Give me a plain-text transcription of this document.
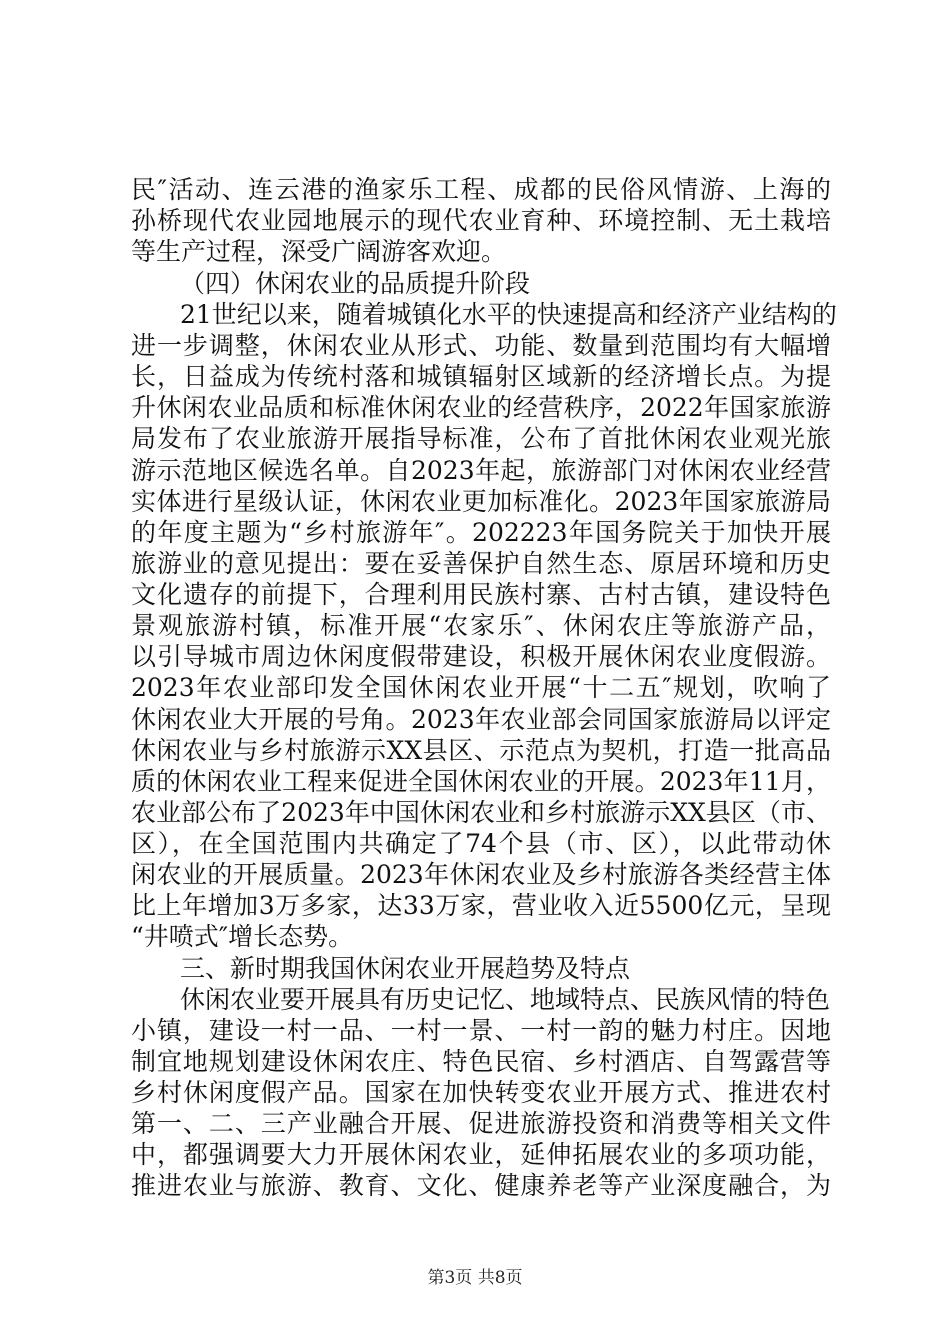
民″活动、连云港的渔家乐工程、成都的民俗风情游、上海的
孙桥现代农业园地展示的现代农业育种、环境控制、无土栽培
等生产过程，深受广阔游客欢迎。
（四）休闲农业的品质提升阶段
21世纪以来，随着城镇化水平的快速提高和经济产业结构的
进一步调整，休闲农业从形式、功能、数量到范围均有大幅增
长，日益成为传统村落和城镇辐射区域新的经济增长点。为提
升休闲农业品质和标准休闲农业的经营秩序，2022年国家旅游
局发布了农业旅游开展指导标准，公布了首批休闲农业观光旅
游示范地区候选名单。自2023年起，旅游部门对休闲农业经营
实体进行星级认证，休闲农业更加标准化。2023年国家旅游局
的年度主题为“乡村旅游年″。202223年国务院关于加快开展
旅游业的意见提出：要在妥善保护自然生态、原居环境和历史
文化遗存的前提下，合理利用民族村寨、古村古镇，建设特色
景观旅游村镇，标准开展“农家乐″、休闲农庄等旅游产品，
以引导城市周边休闲度假带建设，积极开展休闲农业度假游。
2023年农业部印发全国休闲农业开展“十二五″规划，吹响了
休闲农业大开展的号角。2023年农业部会同国家旅游局以评定
休闲农业与乡村旅游示XX县区、示范点为契机，打造一批高品
质的休闲农业工程来促进全国休闲农业的开展。2023年11月，
农业部公布了2023年中国休闲农业和乡村旅游示XX县区（市、
区），在全国范围内共确定了74个县（市、区），以此带动休
闲农业的开展质量。2023年休闲农业及乡村旅游各类经营主体
比上年增加3万多家，达33万家，营业收入近5500亿元，呈现
“井喷式″增长态势。
三、新时期我国休闲农业开展趋势及特点
休闲农业要开展具有历史记忆、地域特点、民族风情的特色
小镇，建设一村一品、一村一景、一村一韵的魅力村庄。因地
制宜地规划建设休闲农庄、特色民宿、乡村酒店、自驾露营等
乡村休闲度假产品。国家在加快转变农业开展方式、推进农村
第一、二、三产业融合开展、促进旅游投资和消费等相关文件
中，都强调要大力开展休闲农业，延伸拓展农业的多项功能，
推进农业与旅游、教育、文化、健康养老等产业深度融合，为
第3页 共8页
